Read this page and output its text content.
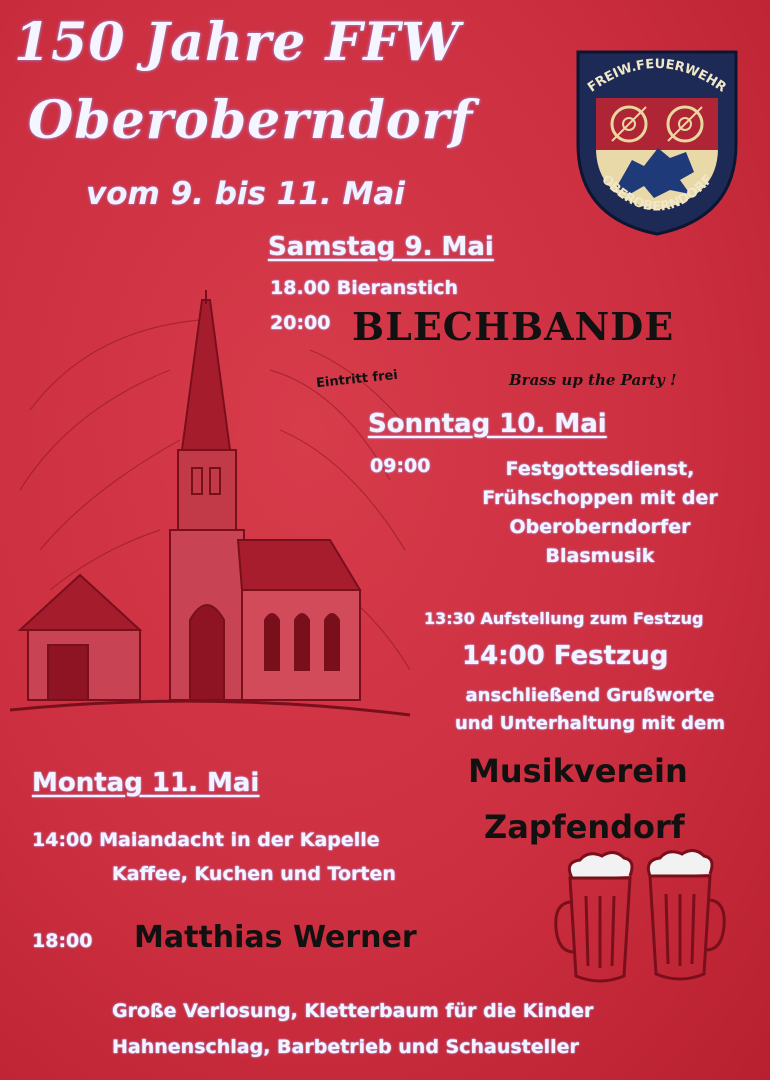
150 Jahre FFW
Oberoberndorf
vom 9. bis 11. Mai
FREIW.FEUERWEHR
OBEROBERNDORF
Samstag 9. Mai
18.00 Bieranstich
20:00 BLECHBANDE
Eintritt frei	Brass up the Party !
Sonntag 10. Mai
09:00	Festgottesdienst,
Frühschoppen mit der
Oberoberndorfer
Blasmusik
13:30 Aufstellung zum Festzug
14:00 Festzug
anschließend Grußworte
und Unterhaltung mit dem
Musikverein
Zapfendorf
Montag 11. Mai
14:00 Maiandacht in der Kapelle
Kaffee, Kuchen und Torten
18:00 Matthias Werner
Große Verlosung, Kletterbaum für die Kinder
Hahnenschlag, Barbetrieb und Schausteller
